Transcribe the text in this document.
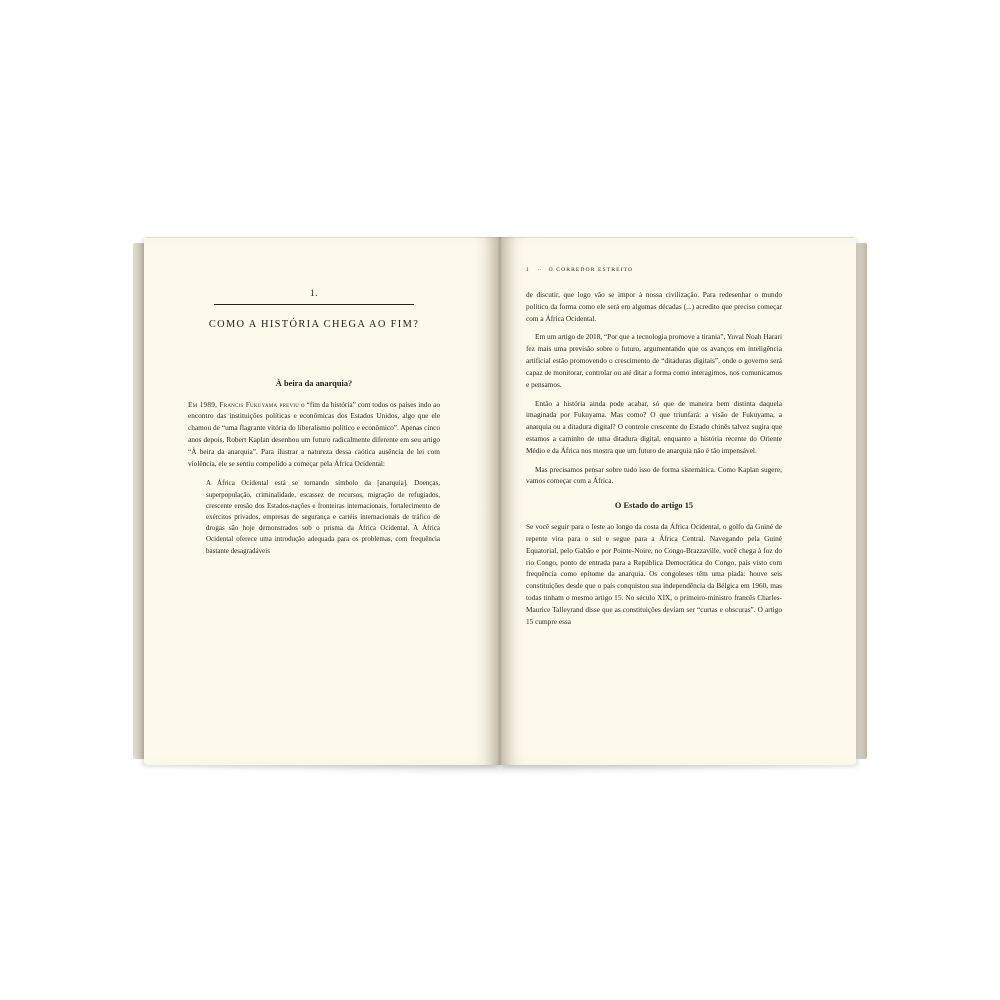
1.
COMO A HISTÓRIA CHEGA AO FIM?
À beira da anarquia?

Em 1989, Francis Fukuyama previu o “fim da história” com todos os países indo ao encontro das instituições políticas e econômicas dos Estados Unidos, algo que ele chamou de “uma flagrante vitória do liberalismo político e econômico”. Apenas cinco anos depois, Robert Kaplan desenhou um futuro radicalmente diferente em seu artigo “À beira da anarquia”. Para ilustrar a natureza dessa caótica ausência de lei com violência, ele se sentiu compelido a começar pela África Ocidental:

A África Ocidental está se tornando símbolo da [anarquia]. Doenças, superpopulação, criminalidade, escassez de recursos, migração de refugiados, crescente erosão dos Estados-nações e fronteiras internacionais, fortalecimento de exércitos privados, empresas de segurança e cartéis internacionais de tráfico de drogas são hoje demonstrados sob o prisma da África Ocidental. A África Ocidental oferece uma introdução adequada para os problemas, com frequência bastante desagradáveis
1 ·· O CORREDOR ESTREITO

de discutir, que logo vão se impor à nossa civilização. Para redesenhar o mundo político da forma como ele será em algumas décadas (...) acredito que preciso começar com a África Ocidental.

Em um artigo de 2018, “Por que a tecnologia promove a tirania”, Yuval Noah Harari fez mais uma previsão sobre o futuro, argumentando que os avanços em inteligência artificial estão promovendo o crescimento de “ditaduras digitais”, onde o governo será capaz de monitorar, controlar ou até ditar a forma como interagimos, nos comunicamos e pensamos.

Então a história ainda pode acabar, só que de maneira bem distinta daquela imaginada por Fukuyama. Mas como? O que triunfará: a visão de Fukuyama, a anarquia ou a ditadura digital? O controle crescente do Estado chinês talvez sugira que estamos a caminho de uma ditadura digital, enquanto a história recente do Oriente Médio e da África nos mostra que um futuro de anarquia não é tão impensável.

Mas precisamos pensar sobre tudo isso de forma sistemática. Como Kaplan sugere, vamos começar com a África.

O Estado do artigo 15

Se você seguir para o leste ao longo da costa da África Ocidental, o golfo da Guiné de repente vira para o sul e segue para a África Central. Navegando pela Guiné Equatorial, pelo Gabão e por Pointe-Noire, no Congo-Brazzaville, você chega à foz do rio Congo, ponto de entrada para a República Democrática do Congo, país visto com frequência como epítome da anarquia. Os congoleses têm uma piada: houve seis constituições desde que o país conquistou sua independência da Bélgica em 1960, mas todas tinham o mesmo artigo 15. No século XIX, o primeiro-ministro francês Charles-Maurice Talleyrand disse que as constituições deviam ser “curtas e obscuras”. O artigo 15 cumpre essa
